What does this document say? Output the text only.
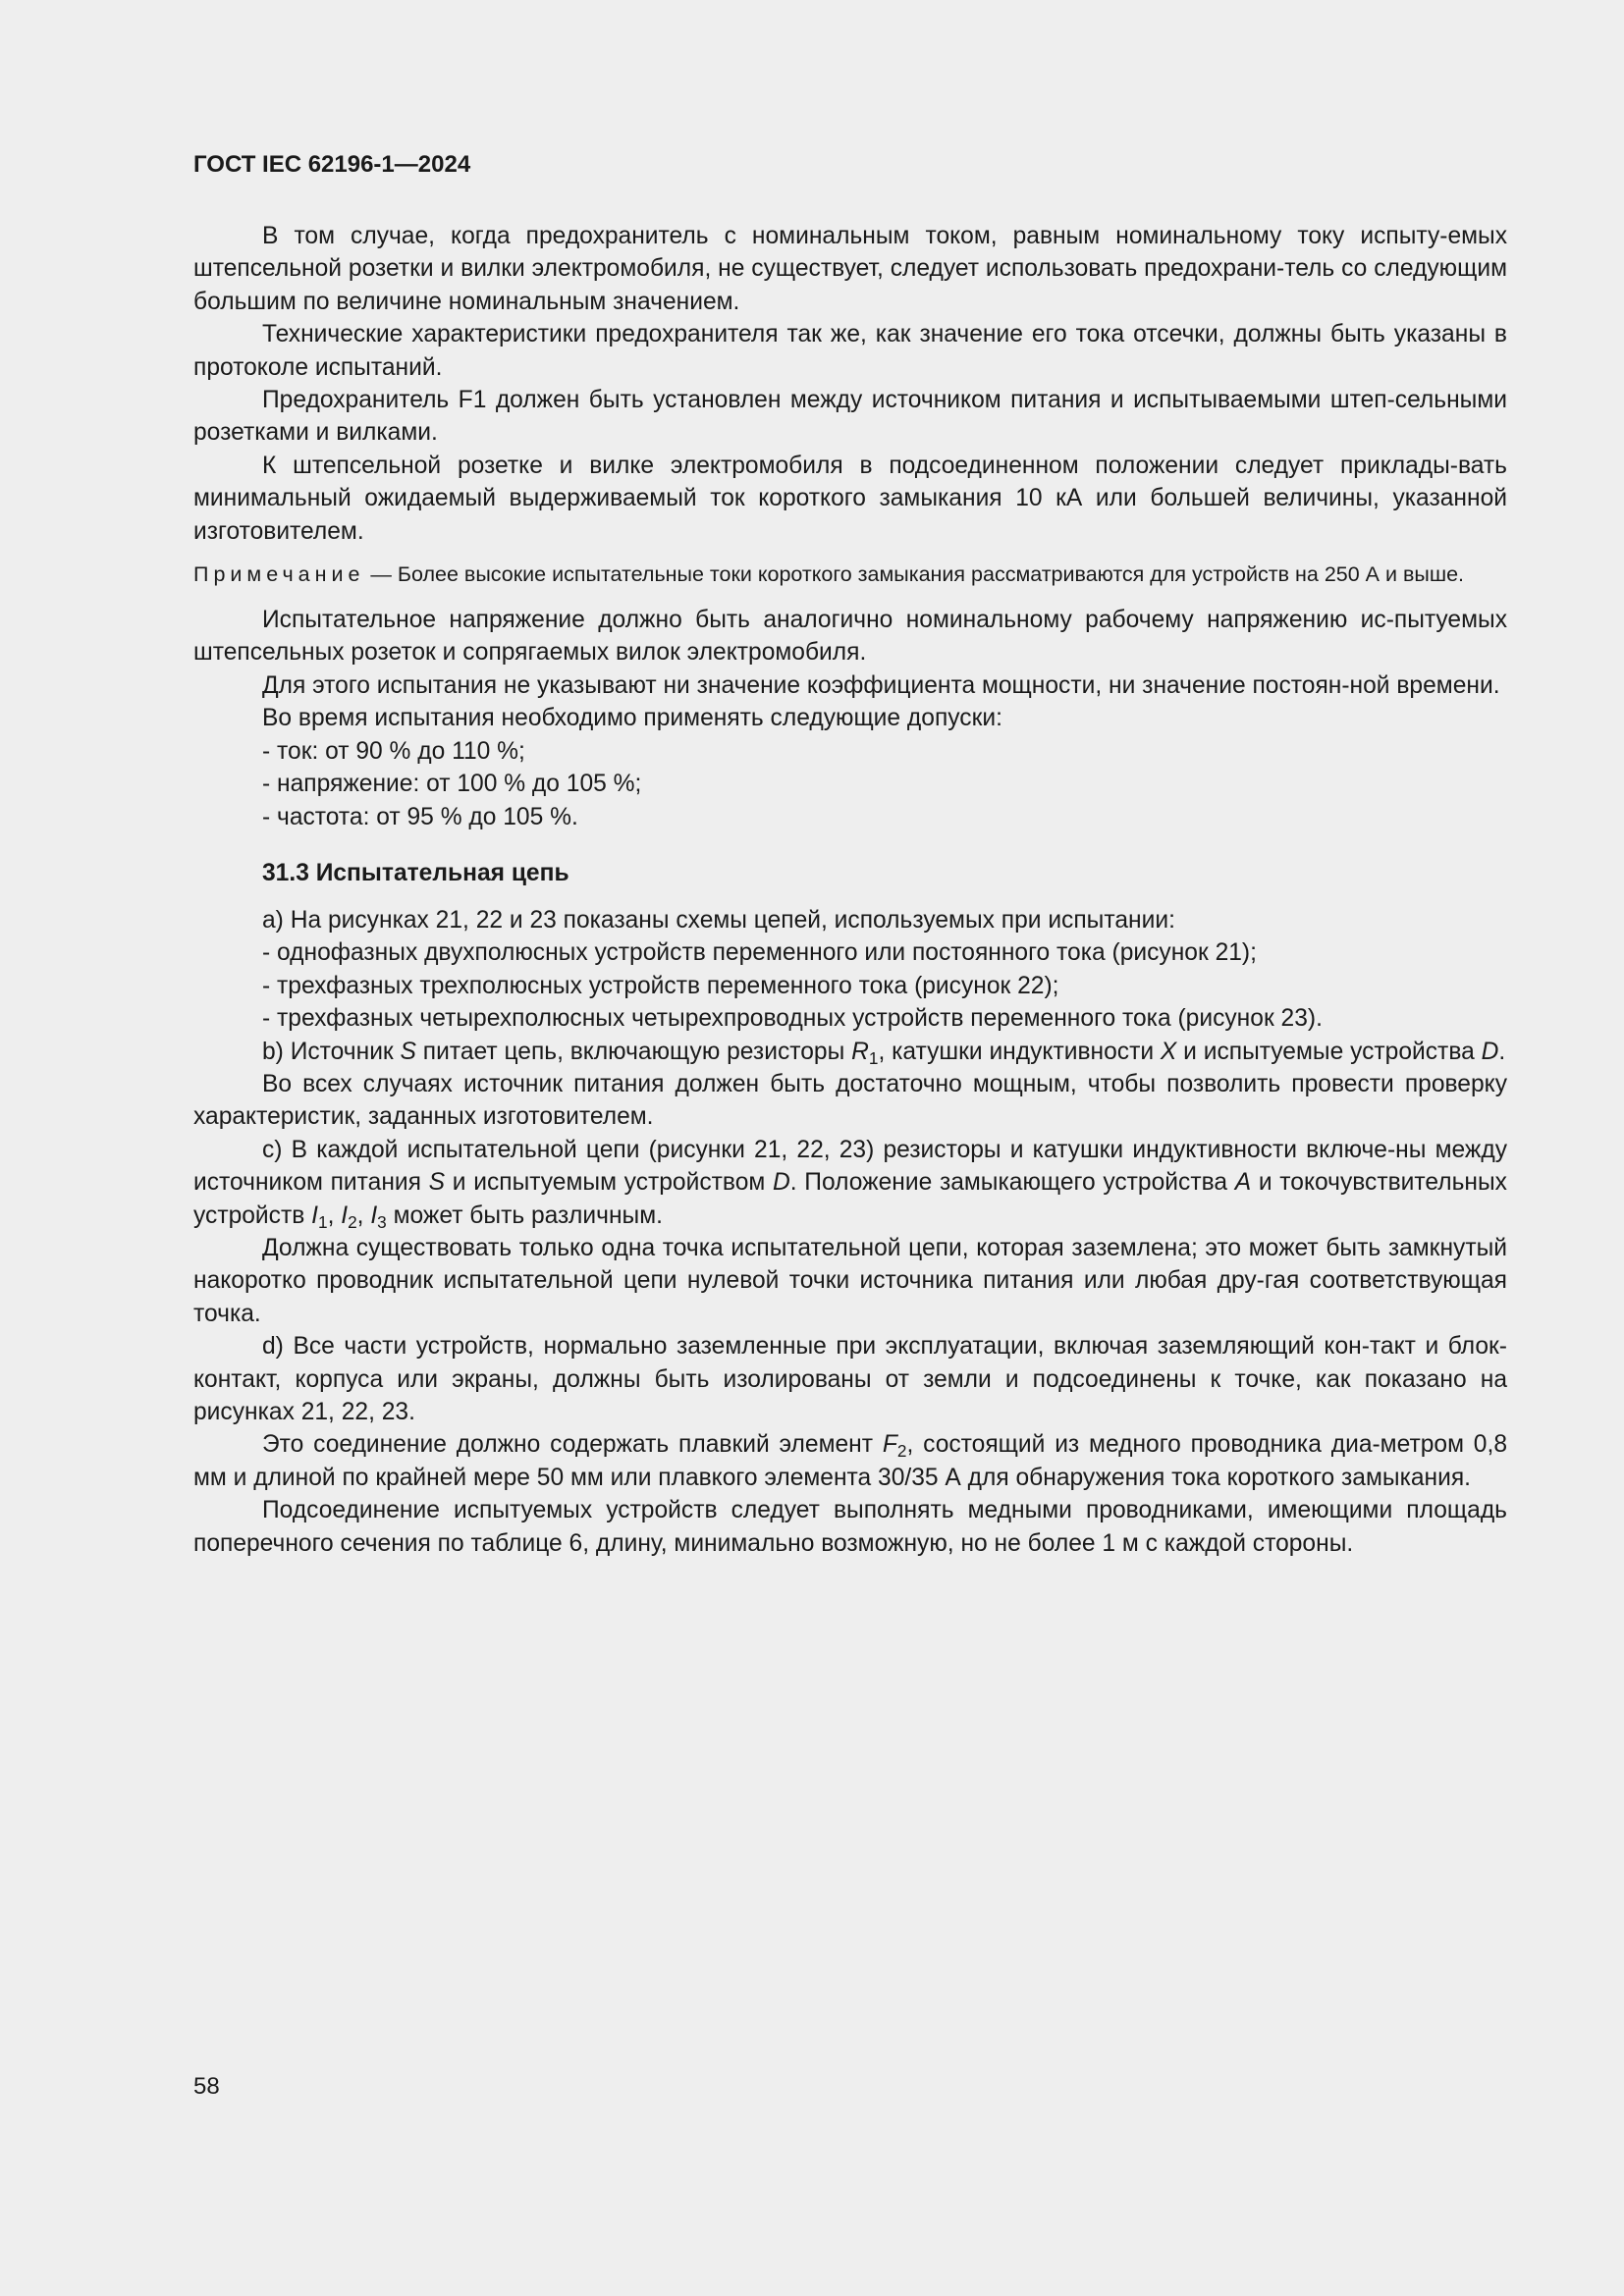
ГОСТ IEC 62196-1—2024

В том случае, когда предохранитель с номинальным током, равным номинальному току испыту-емых штепсельной розетки и вилки электромобиля, не существует, следует использовать предохрани-тель со следующим большим по величине номинальным значением.

Технические характеристики предохранителя так же, как значение его тока отсечки, должны быть указаны в протоколе испытаний.

Предохранитель F1 должен быть установлен между источником питания и испытываемыми штеп-сельными розетками и вилками.

К штепсельной розетке и вилке электромобиля в подсоединенном положении следует приклады-вать минимальный ожидаемый выдерживаемый ток короткого замыкания 10 кА или большей величины, указанной изготовителем.

Примечание — Более высокие испытательные токи короткого замыкания рассматриваются для устройств на 250 А и выше.

Испытательное напряжение должно быть аналогично номинальному рабочему напряжению ис-пытуемых штепсельных розеток и сопрягаемых вилок электромобиля.

Для этого испытания не указывают ни значение коэффициента мощности, ни значение постоян-ной времени.

Во время испытания необходимо применять следующие допуски:

- ток: от 90 % до 110 %;

- напряжение: от 100 % до 105 %;

- частота: от 95 % до 105 %.

31.3 Испытательная цепь

а) На рисунках 21, 22 и 23 показаны схемы цепей, используемых при испытании:

- однофазных двухполюсных устройств переменного или постоянного тока (рисунок 21);

- трехфазных трехполюсных устройств переменного тока (рисунок 22);

- трехфазных четырехполюсных четырехпроводных устройств переменного тока (рисунок 23).

b) Источник S питает цепь, включающую резисторы $R_1$, катушки индуктивности X и испытуемые устройства D.

Во всех случаях источник питания должен быть достаточно мощным, чтобы позволить провести проверку характеристик, заданных изготовителем.

c) В каждой испытательной цепи (рисунки 21, 22, 23) резисторы и катушки индуктивности включе-ны между источником питания S и испытуемым устройством D. Положение замыкающего устройства A и токочувствительных устройств $I_1$, $I_2$, $I_3$ может быть различным.

Должна существовать только одна точка испытательной цепи, которая заземлена; это может быть замкнутый накоротко проводник испытательной цепи нулевой точки источника питания или любая дру-гая соответствующая точка.

d) Все части устройств, нормально заземленные при эксплуатации, включая заземляющий кон-такт и блок-контакт, корпуса или экраны, должны быть изолированы от земли и подсоединены к точке, как показано на рисунках 21, 22, 23.

Это соединение должно содержать плавкий элемент $F_2$, состоящий из медного проводника диа-метром 0,8 мм и длиной по крайней мере 50 мм или плавкого элемента 30/35 А для обнаружения тока короткого замыкания.

Подсоединение испытуемых устройств следует выполнять медными проводниками, имеющими площадь поперечного сечения по таблице 6, длину, минимально возможную, но не более 1 м с каждой стороны.

58
